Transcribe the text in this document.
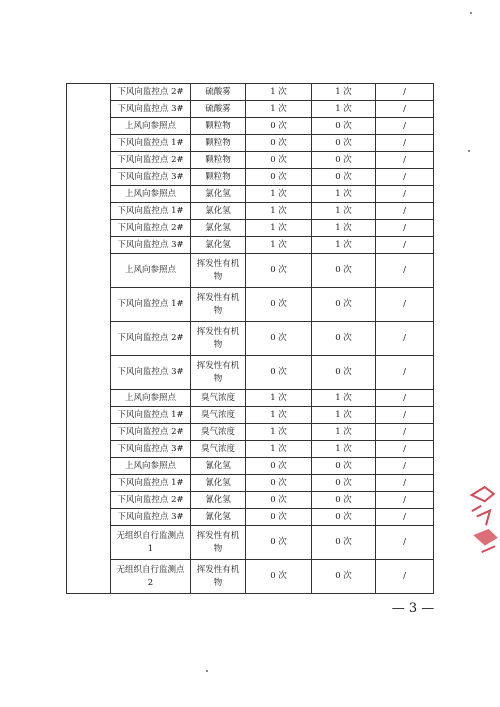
	下风向监控点 2#	硫酸雾	1 次	1 次	/
	下风向监控点 3#	硫酸雾	1 次	1 次	/
	上风向参照点	颗粒物	0 次	0 次	/
	下风向监控点 1#	颗粒物	0 次	0 次	/
	下风向监控点 2#	颗粒物	0 次	0 次	/
	下风向监控点 3#	颗粒物	0 次	0 次	/
	上风向参照点	氯化氢	1 次	1 次	/
	下风向监控点 1#	氯化氢	1 次	1 次	/
	下风向监控点 2#	氯化氢	1 次	1 次	/
	下风向监控点 3#	氯化氢	1 次	1 次	/
	上风向参照点	挥发性有机物	0 次	0 次	/
	下风向监控点 1#	挥发性有机物	0 次	0 次	/
	下风向监控点 2#	挥发性有机物	0 次	0 次	/
	下风向监控点 3#	挥发性有机物	0 次	0 次	/
	上风向参照点	臭气浓度	1 次	1 次	/
	下风向监控点 1#	臭气浓度	1 次	1 次	/
	下风向监控点 2#	臭气浓度	1 次	1 次	/
	下风向监控点 3#	臭气浓度	1 次	1 次	/
	上风向参照点	氰化氢	0 次	0 次	/
	下风向监控点 1#	氰化氢	0 次	0 次	/
	下风向监控点 2#	氰化氢	0 次	0 次	/
	下风向监控点 3#	氰化氢	0 次	0 次	/
	无组织自行监测点 1	挥发性有机物	0 次	0 次	/
	无组织自行监测点 2	挥发性有机物	0 次	0 次	/
— 3 —
